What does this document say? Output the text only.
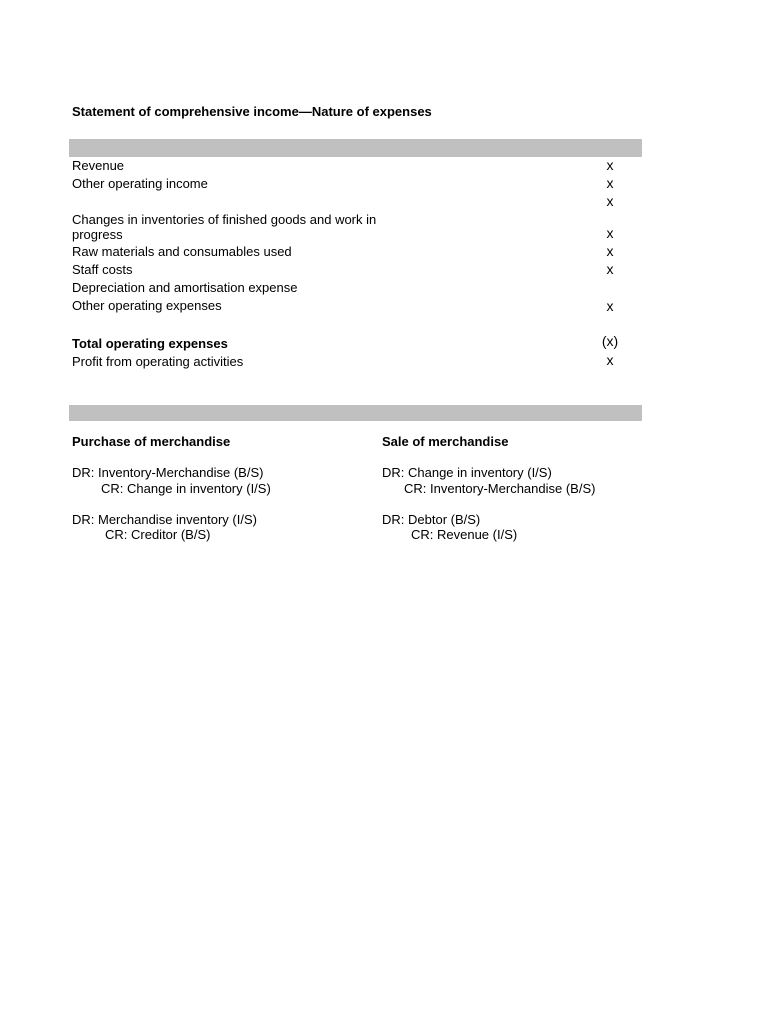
Statement of comprehensive income—Nature of expenses
Revenue	x
Other operating income	x
x
Changes in inventories of finished goods and work in
progress	x
Raw materials and consumables used	x
Staff costs	x
Depreciation and amortisation expense
Other operating expenses	x
Total operating expenses	(x)
Profit from operating activities	x
Purchase of merchandise
DR: Inventory-Merchandise (B/S)
CR: Change in inventory (I/S)
DR: Merchandise inventory (I/S)
CR: Creditor (B/S)
Sale of merchandise
DR: Change in inventory (I/S)
CR: Inventory-Merchandise (B/S)
DR: Debtor (B/S)
CR: Revenue (I/S)
